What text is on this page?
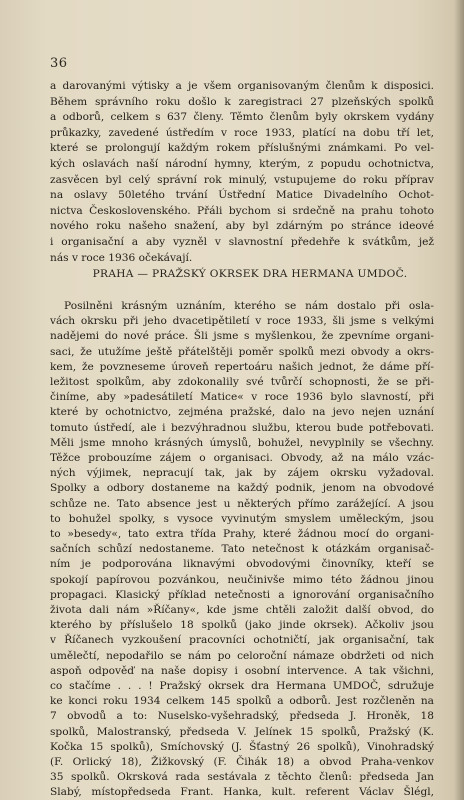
36
a darovanými výtisky a je všem organisovaným členům k disposici.
Během správního roku došlo k zaregistraci 27 plzeňských spolků
a odborů, celkem s 637 členy. Těmto členům byly okrskem vydány
průkazky, zavedené ústředím v roce 1933, platící na dobu tří let,
které se prolongují každým rokem příslušnými známkami. Po vel-
kých oslavách naší národní hymny, kterým, z popudu ochotnictva,
zasvěcen byl celý správní rok minulý, vstupujeme do roku příprav
na oslavy 50letého trvání Ústřední Matice Divadelního Ochot-
nictva Československého. Přáli bychom si srdečně na prahu tohoto
nového roku našeho snažení, aby byl zdárným po stránce ideové
i organisační a aby vyzněl v slavnostní předehře k svátkům, jež
nás v roce 1936 očekávají.
PRAHA — PRAŽSKÝ OKRSEK DRA HERMANA UMDOČ.
Posilněni krásným uznáním, kterého se nám dostalo při osla-
vách okrsku při jeho dvacetipětiletí v roce 1933, šli jsme s velkými
nadějemi do nové práce. Šli jsme s myšlenkou, že zpevníme organi-
saci, že utužíme ještě přátelštěji poměr spolků mezi obvody a okrs-
kem, že povzneseme úroveň repertoáru našich jednot, že dáme pří-
ležitost spolkům, aby zdokonalily své tvůrčí schopnosti, že se při-
činíme, aby »padesátiletí Matice« v roce 1936 bylo slavností, při
které by ochotnictvo, zejména pražské, dalo na jevo nejen uznání
tomuto ústředí, ale i bezvýhradnou službu, kterou bude potřebovati.
Měli jsme mnoho krásných úmyslů, bohužel, nevyplnily se všechny.
Těžce probouzíme zájem o organisaci. Obvody, až na málo vzác-
ných výjimek, nepracují tak, jak by zájem okrsku vyžadoval.
Spolky a odbory dostaneme na každý podnik, jenom na obvodové
schůze ne. Tato absence jest u některých přímo zarážející. A jsou
to bohužel spolky, s vysoce vyvinutým smyslem uměleckým, jsou
to »besedy«, tato extra třída Prahy, které žádnou mocí do organi-
sačních schůzí nedostaneme. Tato netečnost k otázkám organisač-
ním je podporována liknavými obvodovými činovníky, kteří se
spokojí papírovou pozvánkou, neučinivše mimo této žádnou jinou
propagaci. Klasický příklad netečnosti a ignorování organisačního
života dali nám »Říčany«, kde jsme chtěli založit další obvod, do
kterého by příslušelo 18 spolků (jako jinde okrsek). Ačkoliv jsou
v Říčanech vyzkoušení pracovníci ochotničtí, jak organisační, tak
umělečtí, nepodařilo se nám po celoroční námaze obdržeti od nich
aspoň odpověď na naše dopisy i osobní intervence. A tak všichni,
co stačíme . . . ! Pražský okrsek dra Hermana UMDOČ, sdružuje
ke konci roku 1934 celkem 145 spolků a odborů. Jest rozčleněn na
7 obvodů a to: Nuselsko-vyšehradský, předseda J. Hroněk, 18
spolků, Malostranský, předseda V. Jelínek 15 spolků, Pražský (K.
Kočka 15 spolků), Smíchovský (J. Šťastný 26 spolků), Vinohradský
(F. Orlický 18), Žižkovský (F. Čihák 18) a obvod Praha-venkov
35 spolků. Okrsková rada sestávala z těchto členů: předseda Jan
Slabý, místopředseda Frant. Hanka, kult. referent Václav Šlégl,
